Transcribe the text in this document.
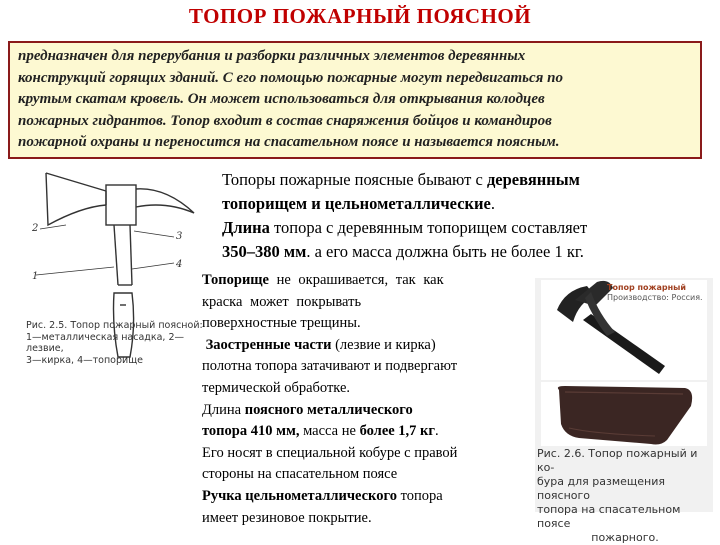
ТОПОР ПОЖАРНЫЙ ПОЯСНОЙ
предназначен для перерубания и разборки различных элементов деревянных
конструкций горящих зданий. С его помощью пожарные могут передвигаться по
крутым скатам кровель. Он может использоваться для открывания колодцев
пожарных гидрантов. Топор входит в состав снаряжения бойцов и командиров
пожарной охраны и переносится на спасательном поясе и называется поясным.
1
2
3
4
Рис. 2.5. Топор пожарный поясной:
1—металлическая насадка, 2—лезвие,
3—кирка, 4—топорище
Топоры пожарные поясные бывают с деревянным
топорищем и цельнометаллические.
Длина топора с деревянным топорищем составляет
350–380 мм. а его масса должна быть не более 1 кг.

Топорище не окрашивается, так как

краска может покрывать

поверхностные трещины.

Заостренные части (лезвие и кирка)

полотна топора затачивают и подвергают

термической обработке.

Длина поясного металлического

топора 410 мм, масса не более 1,7 кг.

Его носят в специальной кобуре с правой

стороны на спасательном поясе

Ручка цельнометаллического топора

имеет резиновое покрытие.

Топор пожарный
Производство: Россия.
Рис. 2.6. Топор пожарный и ко-
бура для размещения поясного
топора на спасательном поясе
пожарного.
